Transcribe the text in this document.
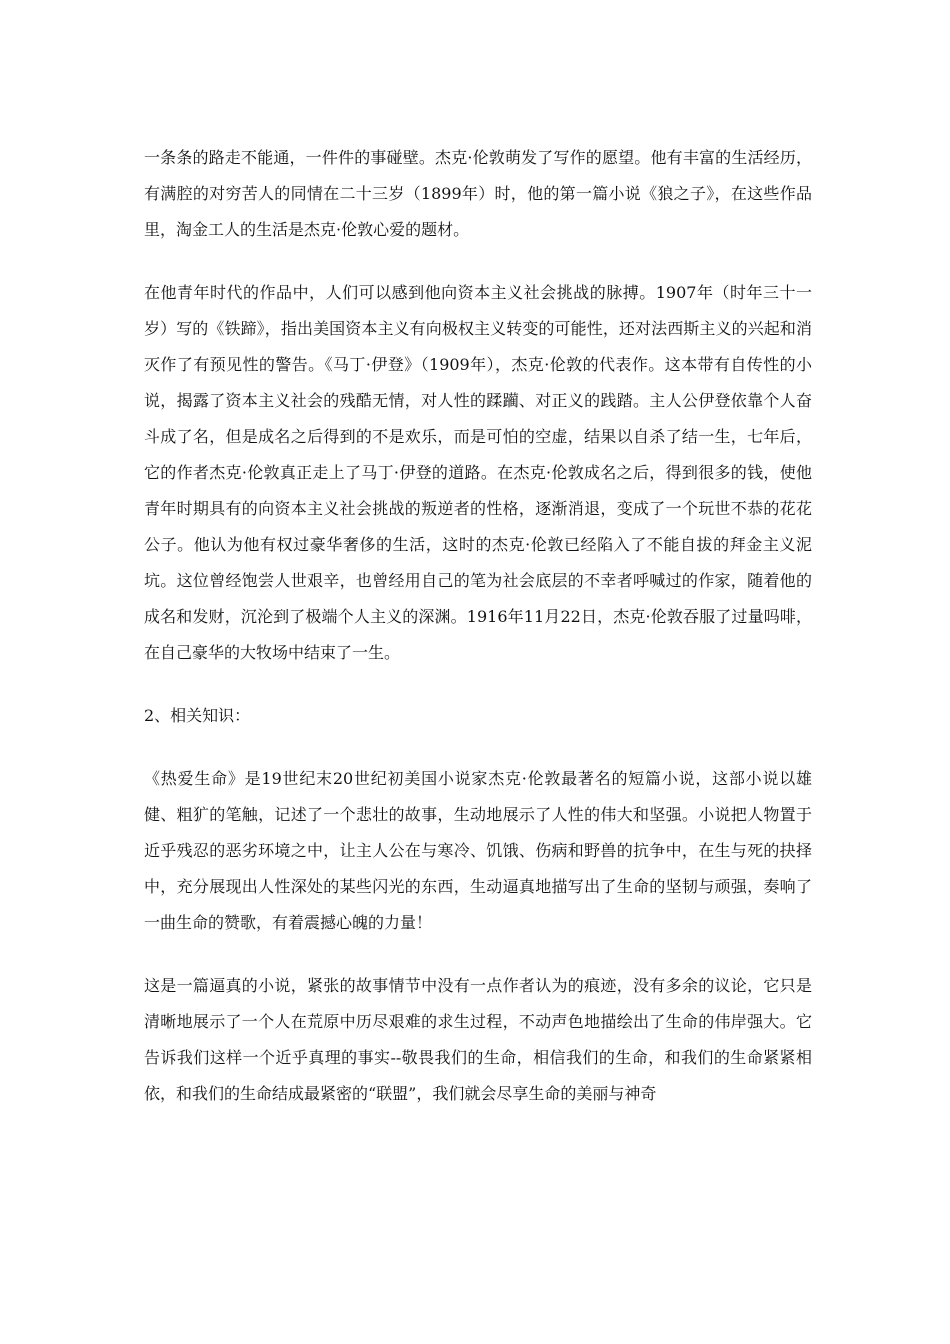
一条条的路走不能通，一件件的事碰壁。杰克·伦敦萌发了写作的愿望。他有丰富的生活经历，有满腔的对穷苦人的同情在二十三岁（1899年）时，他的第一篇小说《狼之子》，在这些作品里，淘金工人的生活是杰克·伦敦心爱的题材。

在他青年时代的作品中，人们可以感到他向资本主义社会挑战的脉搏。1907年（时年三十一岁）写的《铁蹄》，指出美国资本主义有向极权主义转变的可能性，还对法西斯主义的兴起和消灭作了有预见性的警告。《马丁·伊登》（1909年），杰克·伦敦的代表作。这本带有自传性的小说，揭露了资本主义社会的残酷无情，对人性的蹂躏、对正义的践踏。主人公伊登依靠个人奋斗成了名，但是成名之后得到的不是欢乐，而是可怕的空虚，结果以自杀了结一生，七年后，它的作者杰克·伦敦真正走上了马丁·伊登的道路。在杰克·伦敦成名之后，得到很多的钱，使他青年时期具有的向资本主义社会挑战的叛逆者的性格，逐渐消退，变成了一个玩世不恭的花花公子。他认为他有权过豪华奢侈的生活，这时的杰克·伦敦已经陷入了不能自拔的拜金主义泥坑。这位曾经饱尝人世艰辛，也曾经用自己的笔为社会底层的不幸者呼喊过的作家，随着他的成名和发财，沉沦到了极端个人主义的深渊。1916年11月22日，杰克·伦敦吞服了过量吗啡，在自己豪华的大牧场中结束了一生。

2、相关知识：

《热爱生命》是19世纪末20世纪初美国小说家杰克·伦敦最著名的短篇小说，这部小说以雄健、粗犷的笔触，记述了一个悲壮的故事，生动地展示了人性的伟大和坚强。小说把人物置于近乎残忍的恶劣环境之中，让主人公在与寒冷、饥饿、伤病和野兽的抗争中，在生与死的抉择中，充分展现出人性深处的某些闪光的东西，生动逼真地描写出了生命的坚韧与顽强，奏响了一曲生命的赞歌，有着震撼心魄的力量！

这是一篇逼真的小说，紧张的故事情节中没有一点作者认为的痕迹，没有多余的议论，它只是清晰地展示了一个人在荒原中历尽艰难的求生过程，不动声色地描绘出了生命的伟岸强大。它告诉我们这样一个近乎真理的事实--敬畏我们的生命，相信我们的生命，和我们的生命紧紧相依，和我们的生命结成最紧密的“联盟”，我们就会尽享生命的美丽与神奇
